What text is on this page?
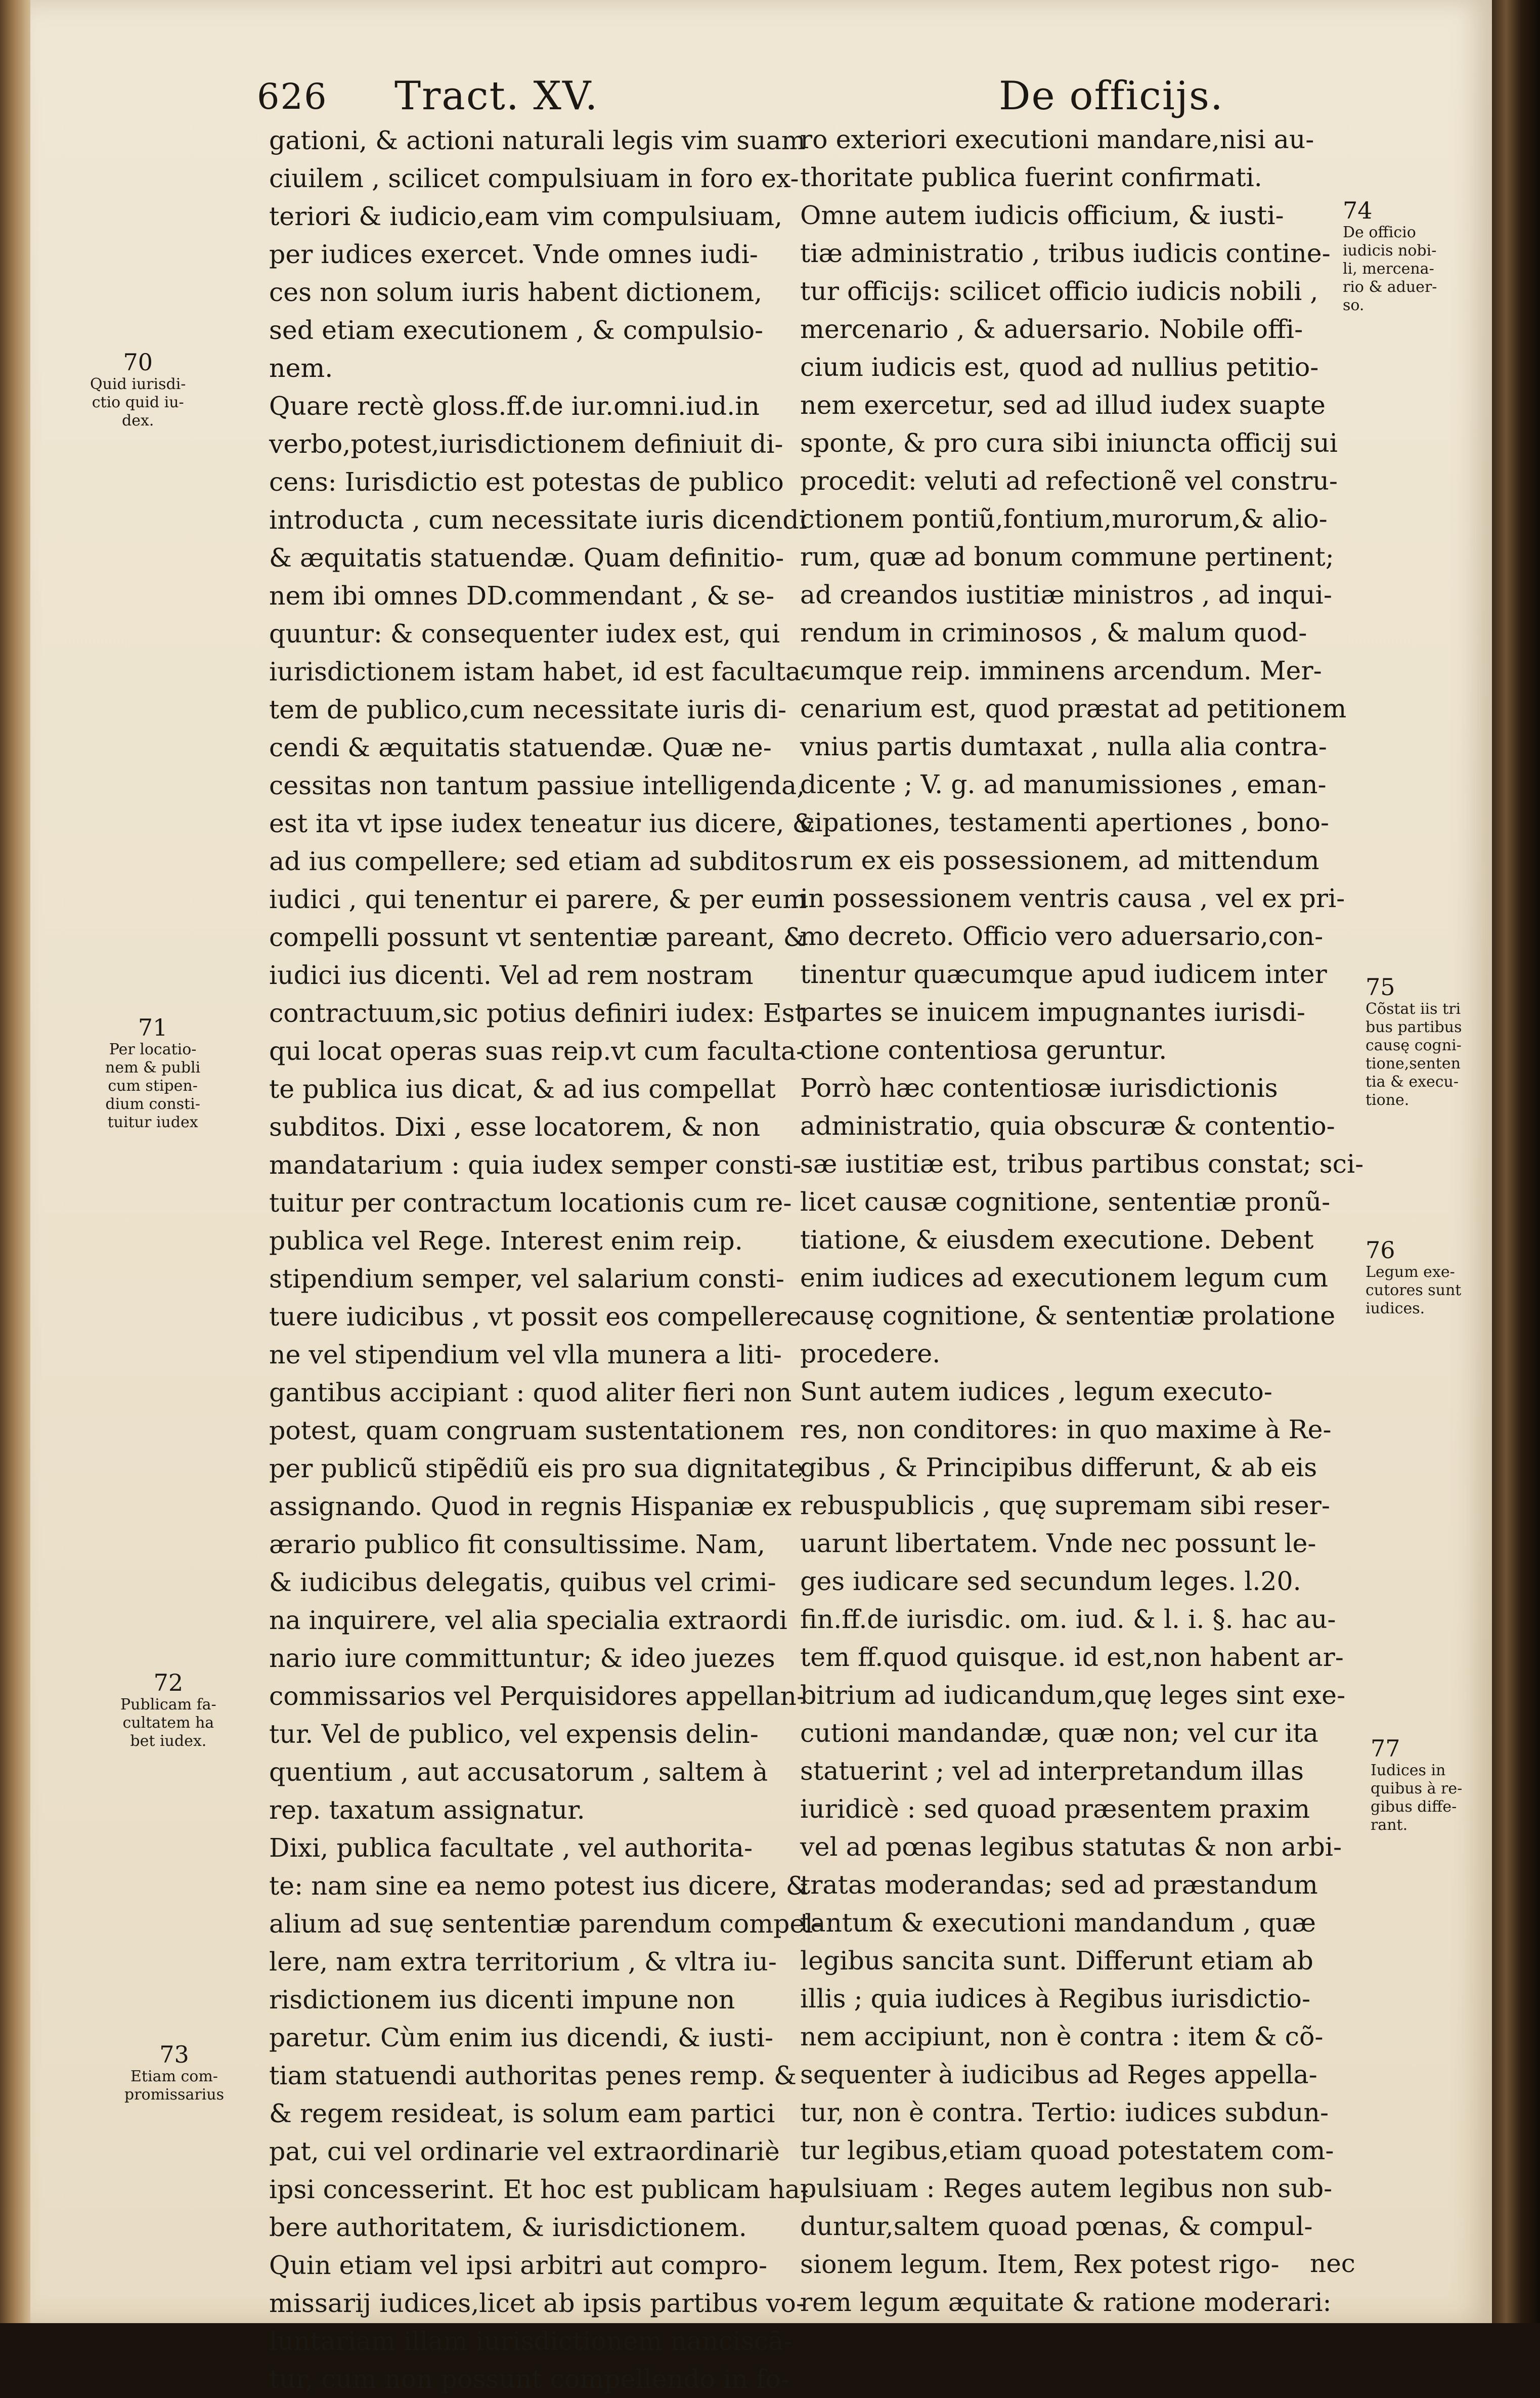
626 Tract. XV.	De officijs.

gationi, & actioni naturali legis vim suam

ciuilem , scilicet compulsiuam in foro ex-

teriori & iudicio,eam vim compulsiuam,

per iudices exercet. Vnde omnes iudi-

ces non solum iuris habent dictionem,

sed etiam executionem , & compulsio-

nem.

Quare rectè gloss.ff.de iur.omni.iud.in

verbo,potest,iurisdictionem definiuit di-

cens: Iurisdictio est potestas de publico

introducta , cum necessitate iuris dicendi

& æquitatis statuendæ. Quam definitio-

nem ibi omnes DD.commendant , & se-

quuntur: & consequenter iudex est, qui

iurisdictionem istam habet, id est faculta-

tem de publico,cum necessitate iuris di-

cendi & æquitatis statuendæ. Quæ ne-

cessitas non tantum passiue intelligenda,

est ita vt ipse iudex teneatur ius dicere, &

ad ius compellere; sed etiam ad subditos

iudici , qui tenentur ei parere, & per eum

compelli possunt vt sententiæ pareant, &

iudici ius dicenti. Vel ad rem nostram

contractuum,sic potius definiri iudex: Est

qui locat operas suas reip.vt cum faculta-

te publica ius dicat, & ad ius compellat

subditos. Dixi , esse locatorem, & non

mandatarium : quia iudex semper consti-

tuitur per contractum locationis cum re-

publica vel Rege. Interest enim reip.

stipendium semper, vel salarium consti-

tuere iudicibus , vt possit eos compellere

ne vel stipendium vel vlla munera a liti-

gantibus accipiant : quod aliter fieri non

potest, quam congruam sustentationem

per publicũ stipẽdiũ eis pro sua dignitate

assignando. Quod in regnis Hispaniæ ex

ærario publico fit consultissime. Nam,

& iudicibus delegatis, quibus vel crimi-

na inquirere, vel alia specialia extraordi

nario iure committuntur; & ideo juezes

commissarios vel Perquisidores appellan-

tur. Vel de publico, vel expensis delin-

quentium , aut accusatorum , saltem à

rep. taxatum assignatur.

Dixi, publica facultate , vel authorita-

te: nam sine ea nemo potest ius dicere, &

alium ad suę sententiæ parendum compel-

lere, nam extra territorium , & vltra iu-

risdictionem ius dicenti impune non

paretur. Cùm enim ius dicendi, & iusti-

tiam statuendi authoritas penes remp. &

& regem resideat, is solum eam partici

pat, cui vel ordinarie vel extraordinariè

ipsi concesserint. Et hoc est publicam ha-

bere authoritatem, & iurisdictionem.

Quin etiam vel ipsi arbitri aut compro-

missarij iudices,licet ab ipsis partibus vo-

luntariam illam iurisdictionem nanciscā-

tur, cum non possunt compellendo in fo-

ro exteriori executioni mandare,nisi au-

thoritate publica fuerint confirmati.

Omne autem iudicis officium, & iusti-

tiæ administratio , tribus iudicis contine-

tur officijs: scilicet officio iudicis nobili ,

mercenario , & aduersario. Nobile offi-

cium iudicis est, quod ad nullius petitio-

nem exercetur, sed ad illud iudex suapte

sponte, & pro cura sibi iniuncta officij sui

procedit: veluti ad refectionẽ vel constru-

ctionem pontiũ,fontium,murorum,& alio-

rum, quæ ad bonum commune pertinent;

ad creandos iustitiæ ministros , ad inqui-

rendum in criminosos , & malum quod-

cumque reip. imminens arcendum. Mer-

cenarium est, quod præstat ad petitionem

vnius partis dumtaxat , nulla alia contra-

dicente ; V. g. ad manumissiones , eman-

cipationes, testamenti apertiones , bono-

rum ex eis possessionem, ad mittendum

in possessionem ventris causa , vel ex pri-

mo decreto. Officio vero aduersario,con-

tinentur quæcumque apud iudicem inter

partes se inuicem impugnantes iurisdi-

ctione contentiosa geruntur.

Porrò hæc contentiosæ iurisdictionis

administratio, quia obscuræ & contentio-

sæ iustitiæ est, tribus partibus constat; sci-

licet causæ cognitione, sententiæ pronũ-

tiatione, & eiusdem executione. Debent

enim iudices ad executionem legum cum

causę cognitione, & sententiæ prolatione

procedere.

Sunt autem iudices , legum executo-

res, non conditores: in quo maxime à Re-

gibus , & Principibus differunt, & ab eis

rebuspublicis , quę supremam sibi reser-

uarunt libertatem. Vnde nec possunt le-

ges iudicare sed secundum leges. l.20.

fin.ff.de iurisdic. om. iud. & l. i. §. hac au-

tem ff.quod quisque. id est,non habent ar-

bitrium ad iudicandum,quę leges sint exe-

cutioni mandandæ, quæ non; vel cur ita

statuerint ; vel ad interpretandum illas

iuridicè : sed quoad præsentem praxim

vel ad pœnas legibus statutas & non arbi-

tratas moderandas; sed ad præstandum

tantum & executioni mandandum , quæ

legibus sancita sunt. Differunt etiam ab

illis ; quia iudices à Regibus iurisdictio-

nem accipiunt, non è contra : item & cõ-

sequenter à iudicibus ad Reges appella-

tur, non è contra. Tertio: iudices subdun-

tur legibus,etiam quoad potestatem com-

pulsiuam : Reges autem legibus non sub-

duntur,saltem quoad pœnas, & compul-

sionem legum. Item, Rex potest rigo-

rem legum æquitate & ratione moderari:

70
Quid iurisdi-
ctio quid iu-
dex.
71
Per locatio-
nem & publi
cum stipen-
dium consti-
tuitur iudex
72
Publicam fa-
cultatem ha
bet iudex.
73
Etiam com-
promissarius
74
De officio
iudicis nobi-
li, mercena-
rio & aduer-
so.
75
Cõstat iis tri
bus partibus
causę cogni-
tione,senten
tia & execu-
tione.
76
Legum exe-
cutores sunt
iudices.
77
Iudices in
quibus à re-
gibus diffe-
rant.
nec
